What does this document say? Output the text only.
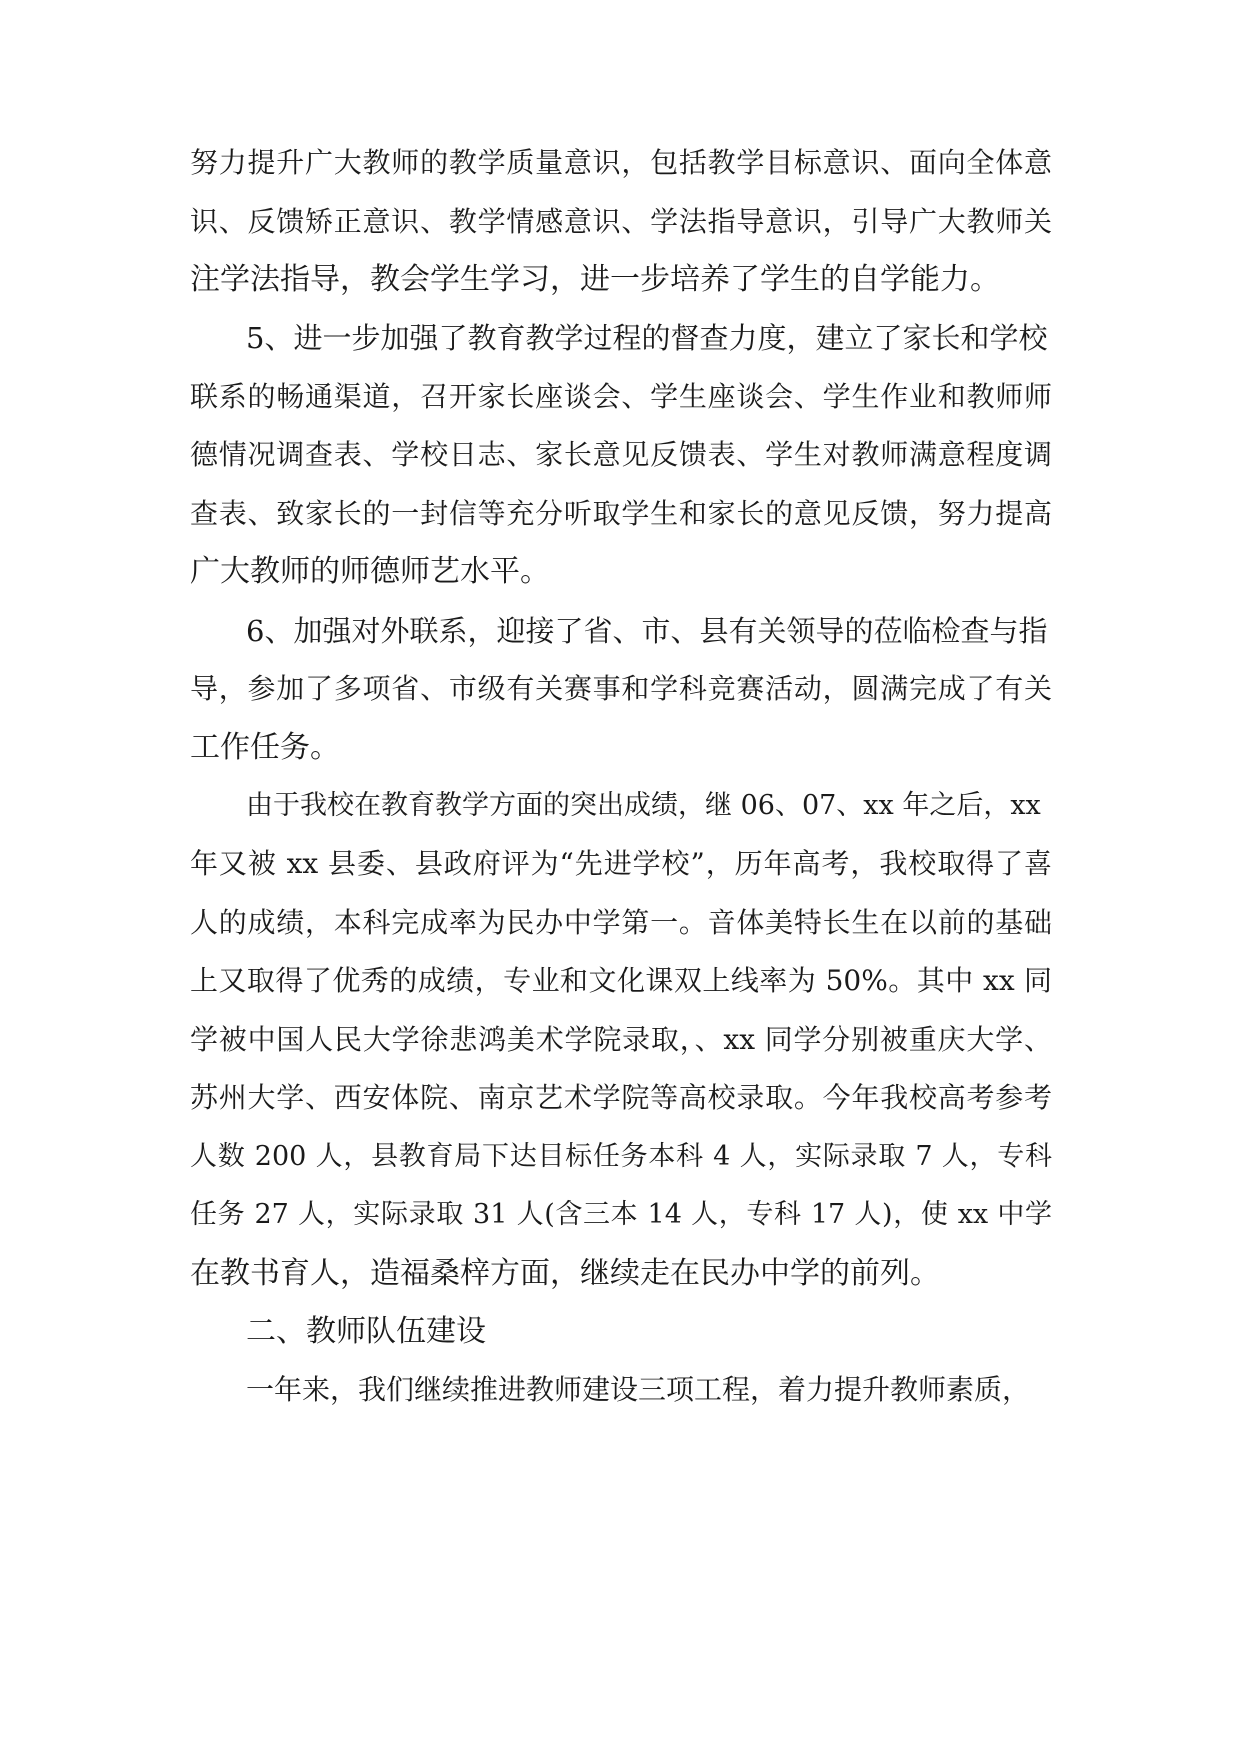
努力提升广大教师的教学质量意识，包括教学目标意识、面向全体意
识、反馈矫正意识、教学情感意识、学法指导意识，引导广大教师关
注学法指导，教会学生学习，进一步培养了学生的自学能力。
5、进一步加强了教育教学过程的督查力度，建立了家长和学校
联系的畅通渠道，召开家长座谈会、学生座谈会、学生作业和教师师
德情况调查表、学校日志、家长意见反馈表、学生对教师满意程度调
查表、致家长的一封信等充分听取学生和家长的意见反馈，努力提高
广大教师的师德师艺水平。
6、加强对外联系，迎接了省、市、县有关领导的莅临检查与指
导，参加了多项省、市级有关赛事和学科竞赛活动，圆满完成了有关
工作任务。
由于我校在教育教学方面的突出成绩，继 06、07、xx 年之后，xx
年又被 xx 县委、县政府评为“先进学校”，历年高考，我校取得了喜
人的成绩，本科完成率为民办中学第一。音体美特长生在以前的基础
上又取得了优秀的成绩，专业和文化课双上线率为 50%。其中 xx 同
学被中国人民大学徐悲鸿美术学院录取，、xx 同学分别被重庆大学、
苏州大学、西安体院、南京艺术学院等高校录取。今年我校高考参考
人数 200 人，县教育局下达目标任务本科 4 人，实际录取 7 人，专科
任务 27 人，实际录取 31 人(含三本 14 人，专科 17 人)，使 xx 中学
在教书育人，造福桑梓方面，继续走在民办中学的前列。
二、教师队伍建设
一年来，我们继续推进教师建设三项工程，着力提升教师素质，
